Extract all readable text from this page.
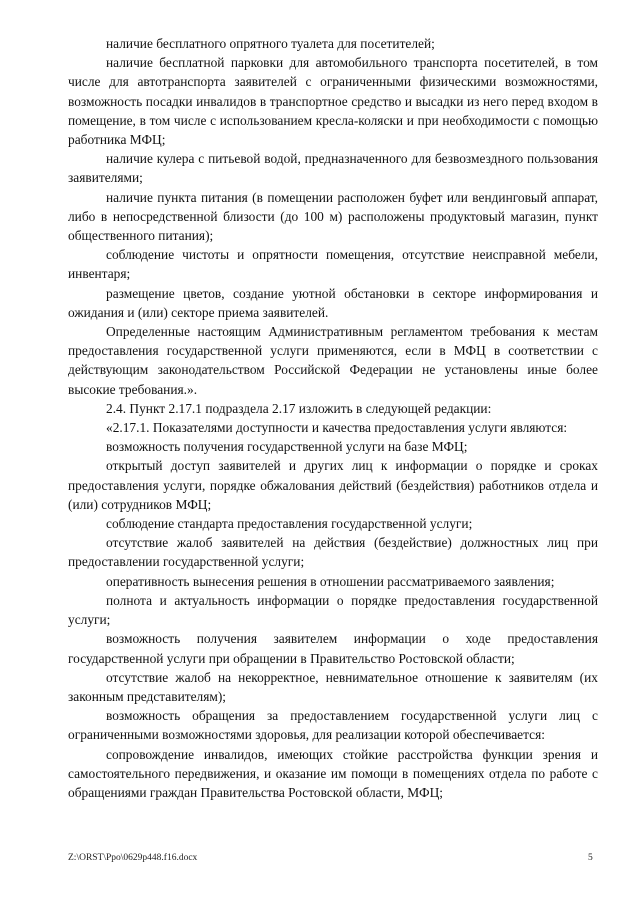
наличие бесплатного опрятного туалета для посетителей;

наличие бесплатной парковки для автомобильного транспорта посетителей, в том числе для автотранспорта заявителей с ограниченными физическими возможностями, возможность посадки инвалидов в транспортное средство и высадки из него перед входом в помещение, в том числе с использованием кресла-коляски и при необходимости с помощью работника МФЦ;

наличие кулера с питьевой водой, предназначенного для безвозмездного пользования заявителями;

наличие пункта питания (в помещении расположен буфет или вендинговый аппарат, либо в непосредственной близости (до 100 м) расположены продуктовый магазин, пункт общественного питания);

соблюдение чистоты и опрятности помещения, отсутствие неисправной мебели, инвентаря;

размещение цветов, создание уютной обстановки в секторе информирования и ожидания и (или) секторе приема заявителей.

Определенные настоящим Административным регламентом требования к местам предоставления государственной услуги применяются, если в МФЦ в соответствии с действующим законодательством Российской Федерации не установлены иные более высокие требования.».

2.4. Пункт 2.17.1 подраздела 2.17 изложить в следующей редакции:

«2.17.1. Показателями доступности и качества предоставления услуги являются:

возможность получения государственной услуги на базе МФЦ;

открытый доступ заявителей и других лиц к информации о порядке и сроках предоставления услуги, порядке обжалования действий (бездействия) работников отдела и (или) сотрудников МФЦ;

соблюдение стандарта предоставления государственной услуги;

отсутствие жалоб заявителей на действия (бездействие) должностных лиц при предоставлении государственной услуги;

оперативность вынесения решения в отношении рассматриваемого заявления;

полнота и актуальность информации о порядке предоставления государственной услуги;

возможность получения заявителем информации о ходе предоставления государственной услуги при обращении в Правительство Ростовской области;

отсутствие жалоб на некорректное, невнимательное отношение к заявителям (их законным представителям);

возможность обращения за предоставлением государственной услуги лиц с ограниченными возможностями здоровья, для реализации которой обеспечивается:

сопровождение инвалидов, имеющих стойкие расстройства функции зрения и самостоятельного передвижения, и оказание им помощи в помещениях отдела по работе с обращениями граждан Правительства Ростовской области, МФЦ;

Z:\ORST\Ppo\0629p448.f16.docx	5
